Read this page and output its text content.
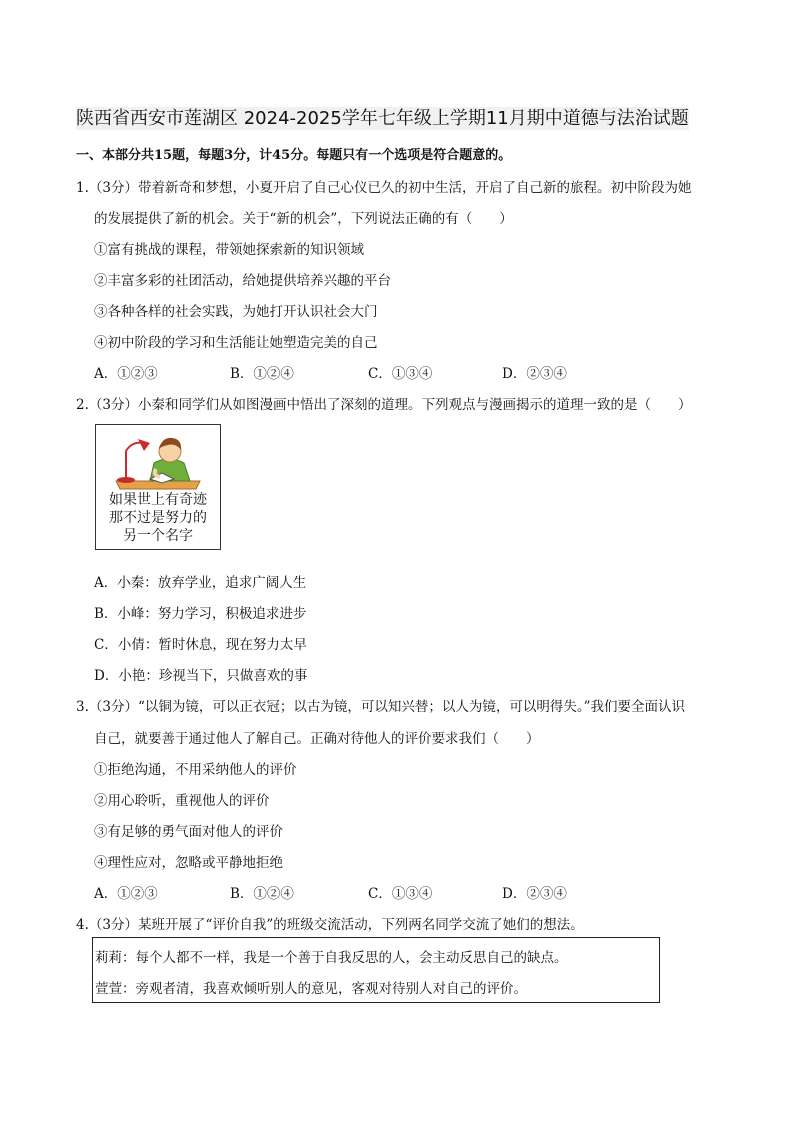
陕西省西安市莲湖区 2024-2025学年七年级上学期11月期中道德与法治试题
一、本部分共15题，每题3分，计45分。每题只有一个选项是符合题意的。
1.（3分）带着新奇和梦想，小夏开启了自己心仪已久的初中生活，开启了自己新的旅程。初中阶段为她
的发展提供了新的机会。关于“新的机会”，下列说法正确的有（　　）
①富有挑战的课程，带领她探索新的知识领域
②丰富多彩的社团活动，给她提供培养兴趣的平台
③各种各样的社会实践，为她打开认识社会大门
④初中阶段的学习和生活能让她塑造完美的自己
A．①②③	B．①②④	C．①③④	D．②③④
2.（3分）小秦和同学们从如图漫画中悟出了深刻的道理。下列观点与漫画揭示的道理一致的是（　　）
如果世上有奇迹
那不过是努力的
另一个名字
A．小秦：放弃学业，追求广阔人生
B．小峰：努力学习，积极追求进步
C．小倩：暂时休息，现在努力太早
D．小艳：珍视当下，只做喜欢的事
3.（3分）“以铜为镜，可以正衣冠；以古为镜，可以知兴替；以人为镜，可以明得失。”我们要全面认识
自己，就要善于通过他人了解自己。正确对待他人的评价要求我们（　　）
①拒绝沟通，不用采纳他人的评价
②用心聆听，重视他人的评价
③有足够的勇气面对他人的评价
④理性应对，忽略或平静地拒绝
A．①②③	B．①②④	C．①③④	D．②③④
4.（3分）某班开展了“评价自我”的班级交流活动，下列两名同学交流了她们的想法。
莉莉：每个人都不一样，我是一个善于自我反思的人，会主动反思自己的缺点。
萱萱：旁观者清，我喜欢倾听别人的意见，客观对待别人对自己的评价。
